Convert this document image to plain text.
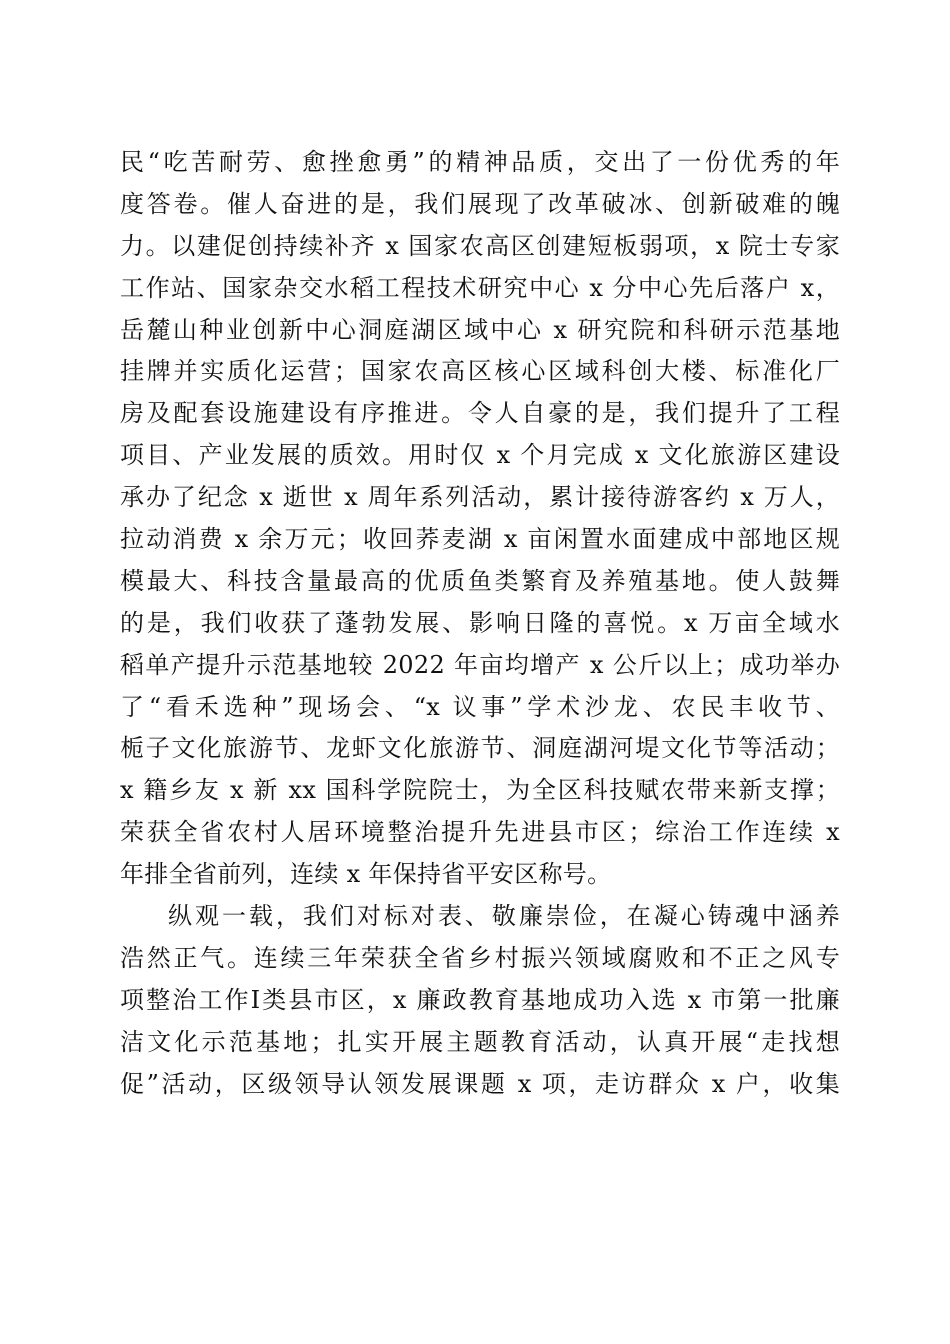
民“吃苦耐劳、愈挫愈勇”的精神品质，交出了一份优秀的年
度答卷。催人奋进的是，我们展现了改革破冰、创新破难的魄
力。以建促创持续补齐 x 国家农高区创建短板弱项，x 院士专家
工作站、国家杂交水稻工程技术研究中心 x 分中心先后落户 x，
岳麓山种业创新中心洞庭湖区域中心 x 研究院和科研示范基地
挂牌并实质化运营；国家农高区核心区域科创大楼、标准化厂
房及配套设施建设有序推进。令人自豪的是，我们提升了工程
项目、产业发展的质效。用时仅 x 个月完成 x 文化旅游区建设
承办了纪念 x 逝世 x 周年系列活动，累计接待游客约 x 万人，
拉动消费 x 余万元；收回荞麦湖 x 亩闲置水面建成中部地区规
模最大、科技含量最高的优质鱼类繁育及养殖基地。使人鼓舞
的是，我们收获了蓬勃发展、影响日隆的喜悦。x 万亩全域水
稻单产提升示范基地较 2022 年亩均增产 x 公斤以上；成功举办
了“看禾选种”现场会、“x 议事”学术沙龙、农民丰收节、
栀子文化旅游节、龙虾文化旅游节、洞庭湖河堤文化节等活动；
x 籍乡友 x 新 xx 国科学院院士，为全区科技赋农带来新支撑；
荣获全省农村人居环境整治提升先进县市区；综治工作连续 x
年排全省前列，连续 x 年保持省平安区称号。
纵观一载，我们对标对表、敬廉崇俭，在凝心铸魂中涵养
浩然正气。连续三年荣获全省乡村振兴领域腐败和不正之风专
项整治工作Ⅰ类县市区，x 廉政教育基地成功入选 x 市第一批廉
洁文化示范基地；扎实开展主题教育活动，认真开展“走找想
促”活动，区级领导认领发展课题 x 项，走访群众 x 户，收集
